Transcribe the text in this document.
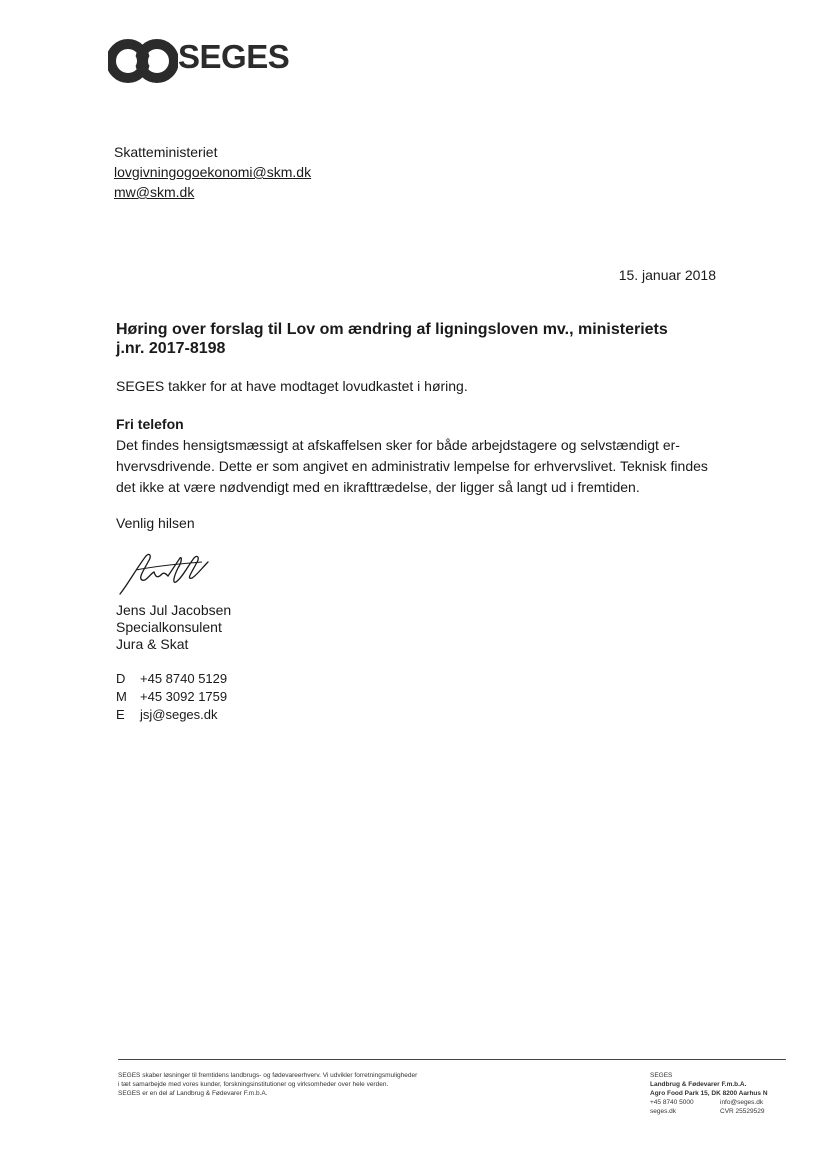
SEGES
Skatteministeriet
lovgivningogoekonomi@skm.dk
mw@skm.dk
15. januar 2018
Høring over forslag til Lov om ændring af ligningsloven mv., ministeriets
j.nr. 2017-8198
SEGES takker for at have modtaget lovudkastet i høring.
Fri telefon
Det findes hensigtsmæssigt at afskaffelsen sker for både arbejdstagere og selvstændigt er-
hvervsdrivende. Dette er som angivet en administrativ lempelse for erhvervslivet. Teknisk findes
det ikke at være nødvendigt med en ikrafttrædelse, der ligger så langt ud i fremtiden.
Venlig hilsen
Jens Jul Jacobsen
Specialkonsulent
Jura & Skat
D	+45 8740 5129
M	+45 3092 1759
E	jsj@seges.dk
SEGES skaber løsninger til fremtidens landbrugs- og fødevareerhverv. Vi udvikler forretningsmuligheder
i tæt samarbejde med vores kunder, forskningsinstitutioner og virksomheder over hele verden.
SEGES er en del af Landbrug & Fødevarer F.m.b.A.
SEGES
Landbrug & Fødevarer F.m.b.A.
Agro Food Park 15, DK 8200 Aarhus N
+45 8740 5000	info@seges.dk
seges.dk	CVR 25529529
